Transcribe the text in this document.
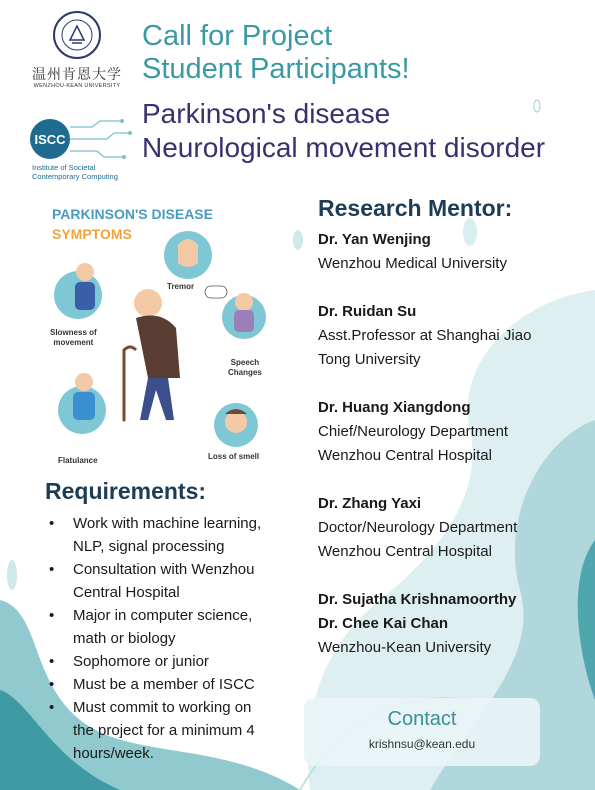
温州肯恩大学
WENZHOU-KEAN UNIVERSITY
ISCC
Institute of Societal
Contemporary Computing
Call for Project
Student Participants!
Parkinson's disease
Neurological movement disorder
PARKINSON'S DISEASE
SYMPTOMS
Tremor
Slowness of
movement
Speech
Changes
Flatulance	Loss of smell
Requirements:
• Work with machine learning,
NLP, signal processing
• Consultation with Wenzhou
Central Hospital
• Major in computer science,
math or biology
• Sophomore or junior
• Must be a member of ISCC
• Must commit to working on
the project for a minimum 4
hours/week.
Research Mentor:
Dr. Yan Wenjing
Wenzhou Medical University
Dr. Ruidan Su
Asst.Professor at Shanghai Jiao
Tong University
Dr. Huang Xiangdong
Chief/Neurology Department
Wenzhou Central Hospital
Dr. Zhang Yaxi
Doctor/Neurology Department
Wenzhou Central Hospital
Dr. Sujatha Krishnamoorthy
Dr. Chee Kai Chan
Wenzhou-Kean University
Contact
krishnsu@kean.edu
